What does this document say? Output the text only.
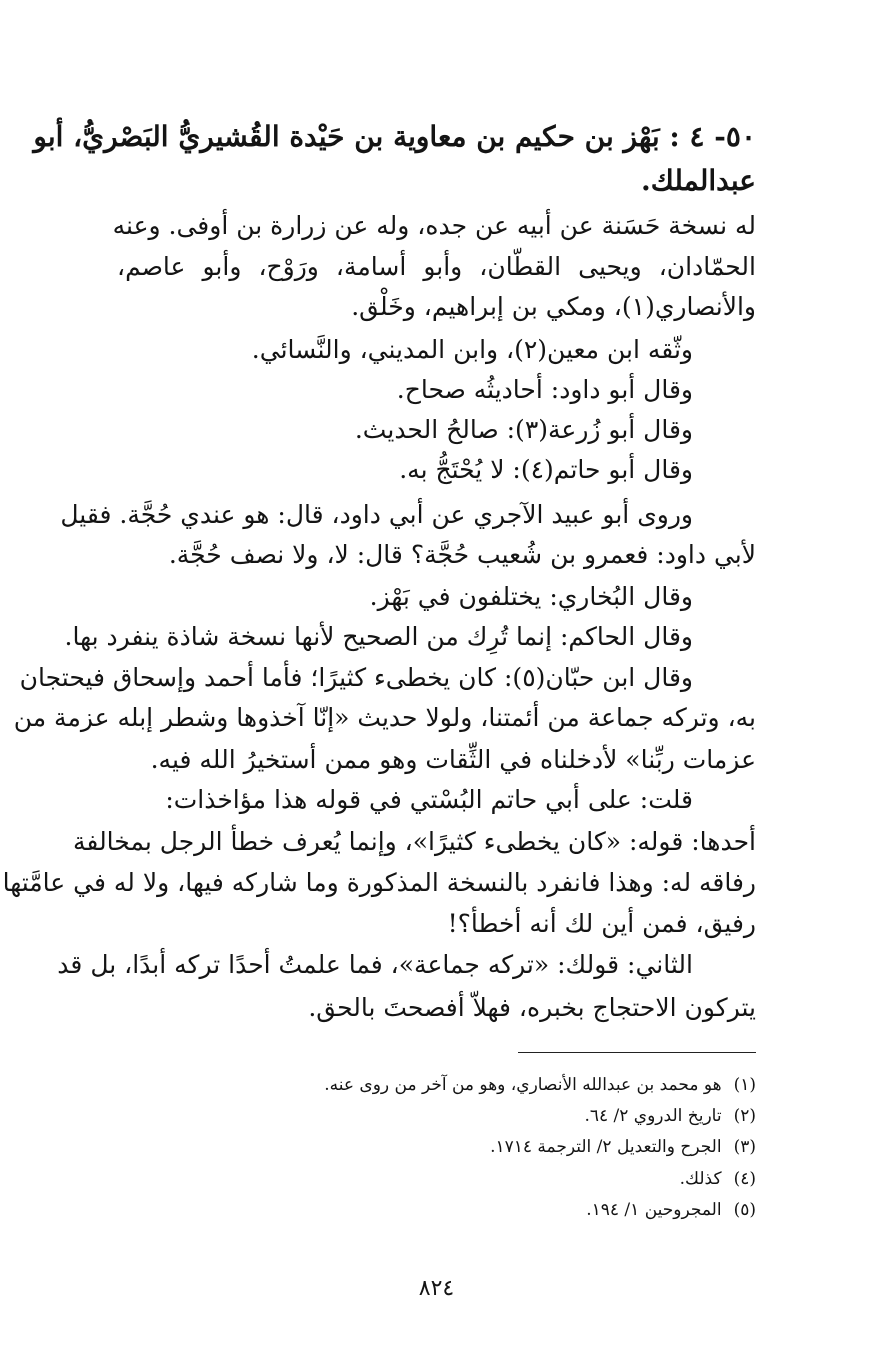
٥٠- ٤ : بَهْز بن حكيم بن معاوية بن حَيْدة القُشيريُّ البَصْريُّ، أبو
عبدالملك.
له نسخة حَسَنة عن أبيه عن جده، وله عن زرارة بن أوفى. وعنه
الحمّادان، ويحيى القطّان، وأبو أسامة، ورَوْح، وأبو عاصم،
والأنصاري(١)، ومكي بن إبراهيم، وخَلْق.
وثّقه ابن معين(٢)، وابن المديني، والنَّسائي.
وقال أبو داود: أحاديثُه صحاح.
وقال أبو زُرعة(٣): صالحُ الحديث.
وقال أبو حاتم(٤): لا يُحْتَجُّ به.
وروى أبو عبيد الآجري عن أبي داود، قال: هو عندي حُجَّة. فقيل
لأبي داود: فعمرو بن شُعيب حُجَّة؟ قال: لا، ولا نصف حُجَّة.
وقال البُخاري: يختلفون في بَهْز.
وقال الحاكم: إنما تُرِك من الصحيح لأنها نسخة شاذة ينفرد بها.
وقال ابن حبّان(٥): كان يخطىء كثيرًا؛ فأما أحمد وإسحاق فيحتجان
به، وتركه جماعة من أئمتنا، ولولا حديث «إنّا آخذوها وشطر إبله عزمة من
عزمات ربِّنا» لأدخلناه في الثِّقات وهو ممن أستخيرُ الله فيه.
قلت: على أبي حاتم البُسْتي في قوله هذا مؤاخذات:
أحدها: قوله: «كان يخطىء كثيرًا»، وإنما يُعرف خطأ الرجل بمخالفة
رفاقه له: وهذا فانفرد بالنسخة المذكورة وما شاركه فيها، ولا له في عامَّتها
رفيق، فمن أين لك أنه أخطأ؟!
الثاني: قولك: «تركه جماعة»، فما علمتُ أحدًا تركه أبدًا، بل قد
يتركون الاحتجاج بخبره، فهلاّ أفصحتَ بالحق.
(١)هو محمد بن عبدالله الأنصاري، وهو من آخر من روى عنه.
(٢)تاريخ الدروي ٢/ ٦٤.
(٣)الجرح والتعديل ٢/ الترجمة ١٧١٤.
(٤)كذلك.
(٥)المجروحين ١/ ١٩٤.
٨٢٤
